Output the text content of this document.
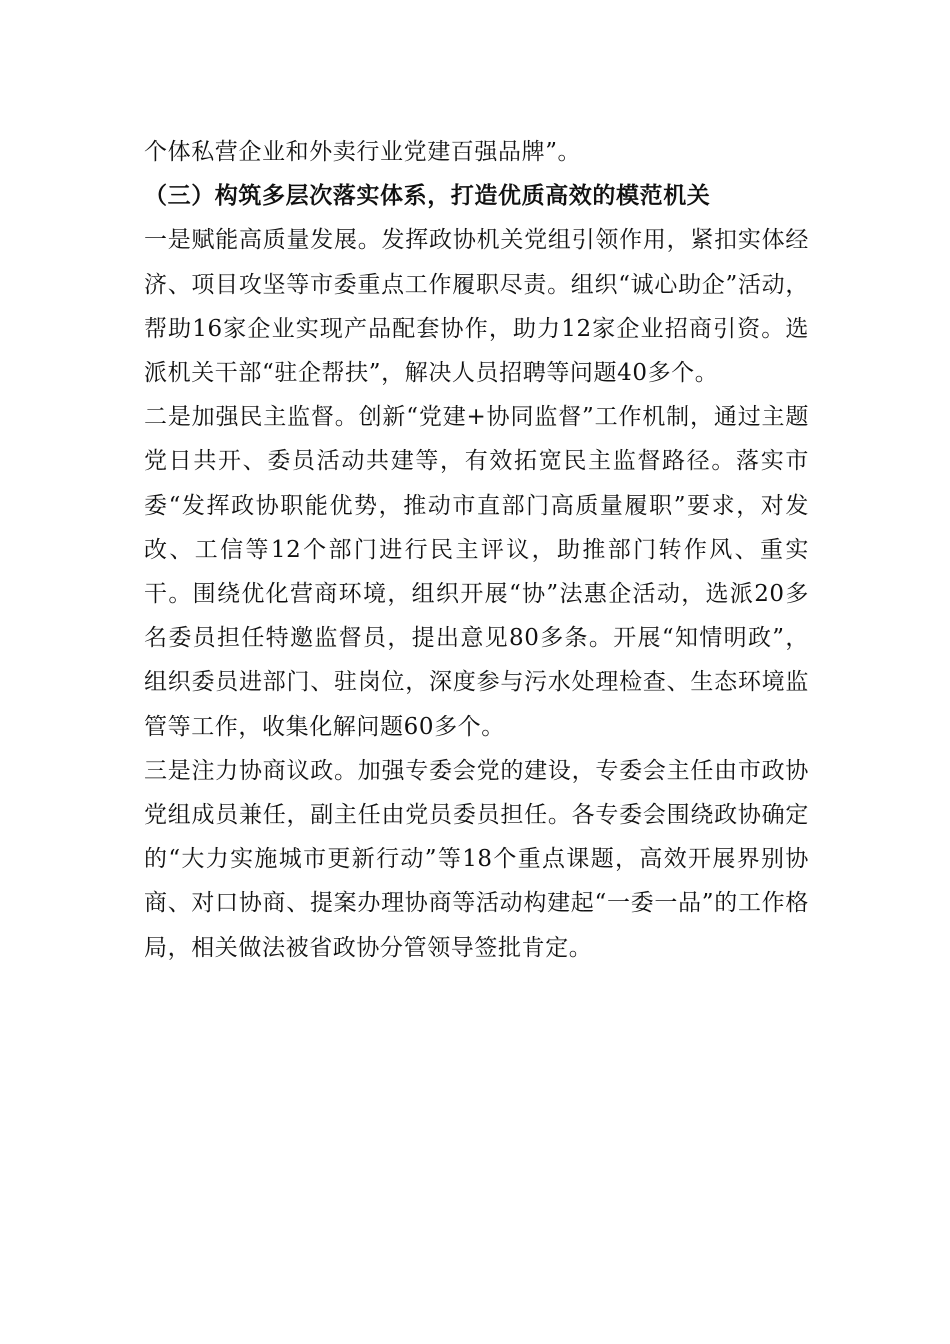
个体私营企业和外卖行业党建百强品牌”。

（三）构筑多层次落实体系，打造优质高效的模范机关

一是赋能高质量发展。发挥政协机关党组引领作用，紧扣实体经济、项目攻坚等市委重点工作履职尽责。组织“诚心助企”活动，帮助16家企业实现产品配套协作，助力12家企业招商引资。选派机关干部“驻企帮扶”，解决人员招聘等问题40多个。

二是加强民主监督。创新“党建+协同监督”工作机制，通过主题党日共开、委员活动共建等，有效拓宽民主监督路径。落实市委“发挥政协职能优势，推动市直部门高质量履职”要求，对发改、工信等12个部门进行民主评议，助推部门转作风、重实干。围绕优化营商环境，组织开展“协”法惠企活动，选派20多名委员担任特邀监督员，提出意见80多条。开展“知情明政”，组织委员进部门、驻岗位，深度参与污水处理检查、生态环境监管等工作，收集化解问题60多个。

三是注力协商议政。加强专委会党的建设，专委会主任由市政协党组成员兼任，副主任由党员委员担任。各专委会围绕政协确定的“大力实施城市更新行动”等18个重点课题，高效开展界别协商、对口协商、提案办理协商等活动构建起“一委一品”的工作格局，相关做法被省政协分管领导签批肯定。
